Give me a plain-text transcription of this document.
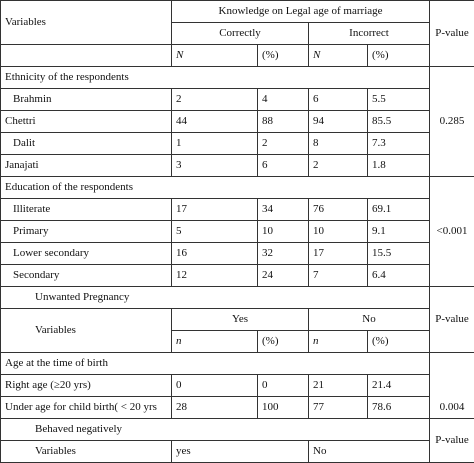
Variables	Knowledge on Legal age of marriage				P-value
	Correctly		Incorrect		
	N	(%)	N	(%)	
Ethnicity of the respondents					0.285
Brahmin	2	4	6	5.5	
Chettri	44	88	94	85.5	
Dalit	1	2	8	7.3	
Janajati	3	6	2	1.8	
Education of the respondents					<0.001
Illiterate	17	34	76	69.1	
Primary	5	10	10	9.1	
Lower secondary	16	32	17	15.5	
Secondary	12	24	7	6.4	
Unwanted Pregnancy					P-value
Variables	Yes		No		
	n	(%)	n	(%)	
Age at the time of birth					0.004
Right age (≥20 yrs)	0	0	21	21.4	
Under age for child birth( < 20 yrs	28	100	77	78.6	
Behaved negatively					P-value
Variables	yes		No		
